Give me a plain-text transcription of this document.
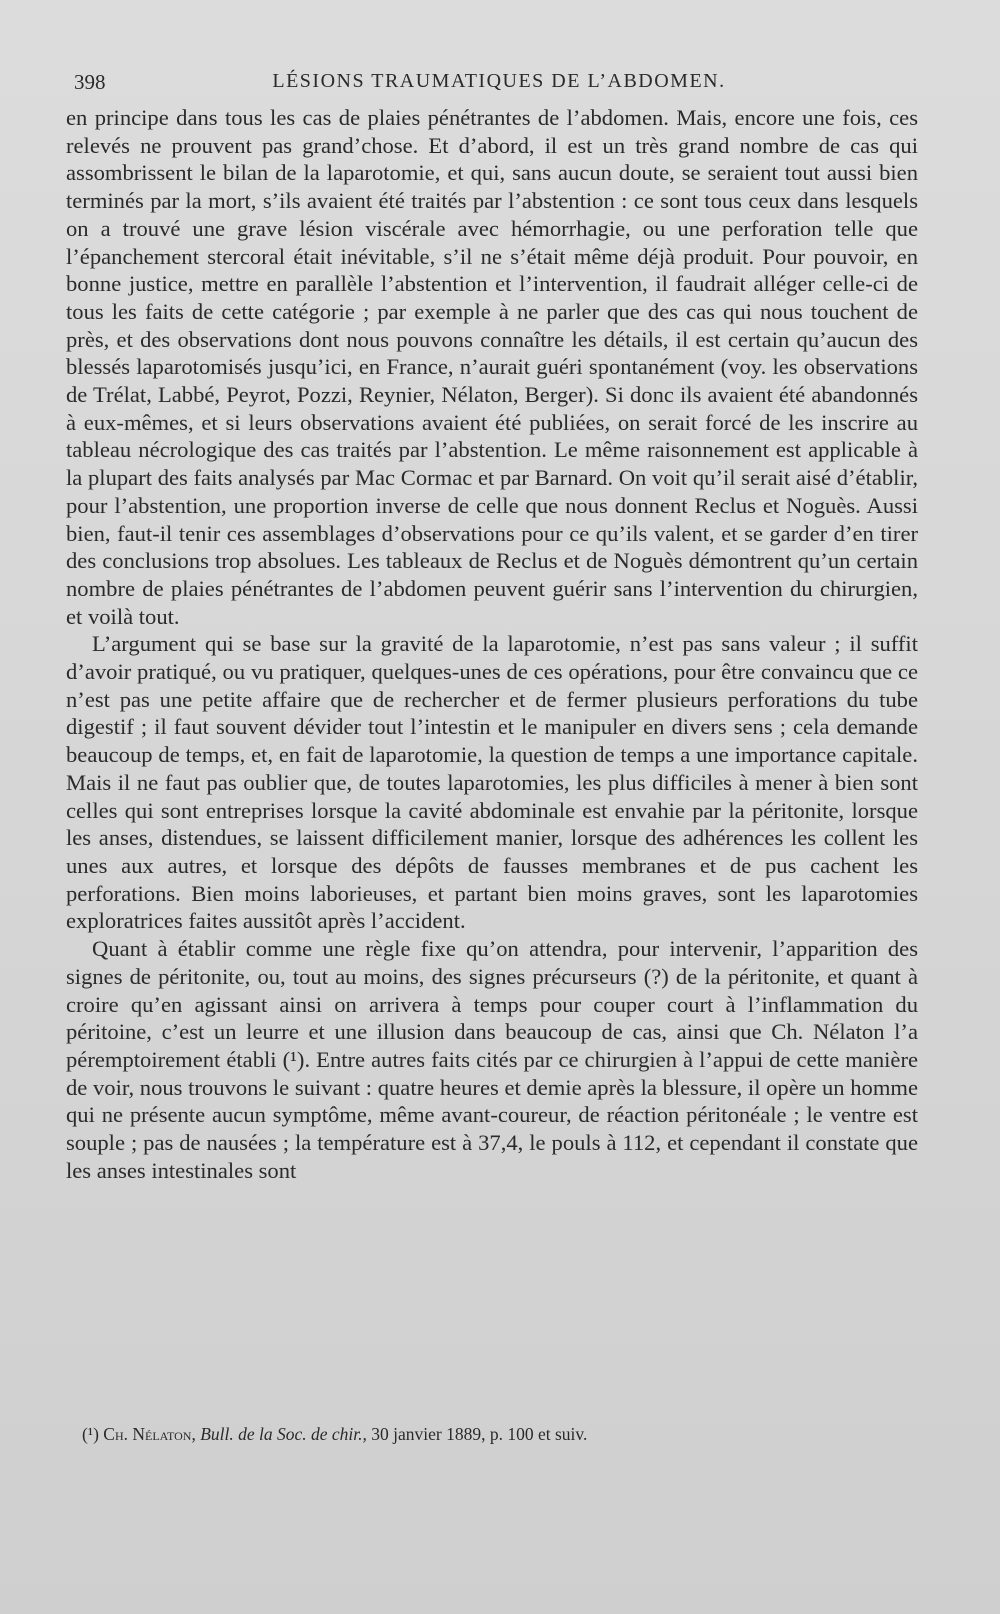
398	LÉSIONS TRAUMATIQUES DE L’ABDOMEN.

en principe dans tous les cas de plaies pénétrantes de l’abdomen. Mais, encore une fois, ces relevés ne prouvent pas grand’chose. Et d’abord, il est un très grand nombre de cas qui assombrissent le bilan de la laparotomie, et qui, sans aucun doute, se seraient tout aussi bien terminés par la mort, s’ils avaient été traités par l’abstention : ce sont tous ceux dans lesquels on a trouvé une grave lésion viscérale avec hémorrhagie, ou une perforation telle que l’épanchement stercoral était inévitable, s’il ne s’était même déjà produit. Pour pouvoir, en bonne justice, mettre en parallèle l’abstention et l’intervention, il faudrait alléger celle-ci de tous les faits de cette catégorie ; par exemple à ne parler que des cas qui nous touchent de près, et des observations dont nous pouvons connaître les détails, il est certain qu’aucun des blessés laparotomisés jusqu’ici, en France, n’aurait guéri spontanément (voy. les observations de Trélat, Labbé, Peyrot, Pozzi, Reynier, Nélaton, Berger). Si donc ils avaient été abandonnés à eux-mêmes, et si leurs observations avaient été publiées, on serait forcé de les inscrire au tableau nécrologique des cas traités par l’abstention. Le même raisonnement est applicable à la plupart des faits analysés par Mac Cormac et par Barnard. On voit qu’il serait aisé d’établir, pour l’abstention, une proportion inverse de celle que nous donnent Reclus et Noguès. Aussi bien, faut-il tenir ces assemblages d’observations pour ce qu’ils valent, et se garder d’en tirer des conclusions trop absolues. Les tableaux de Reclus et de Noguès démontrent qu’un certain nombre de plaies pénétrantes de l’abdomen peuvent guérir sans l’intervention du chirurgien, et voilà tout.

L’argument qui se base sur la gravité de la laparotomie, n’est pas sans valeur ; il suffit d’avoir pratiqué, ou vu pratiquer, quelques-unes de ces opérations, pour être convaincu que ce n’est pas une petite affaire que de rechercher et de fermer plusieurs perforations du tube digestif ; il faut souvent dévider tout l’intestin et le manipuler en divers sens ; cela demande beaucoup de temps, et, en fait de laparotomie, la question de temps a une importance capitale. Mais il ne faut pas oublier que, de toutes laparotomies, les plus difficiles à mener à bien sont celles qui sont entreprises lorsque la cavité abdominale est envahie par la péritonite, lorsque les anses, distendues, se laissent difficilement manier, lorsque des adhérences les collent les unes aux autres, et lorsque des dépôts de fausses membranes et de pus cachent les perforations. Bien moins laborieuses, et partant bien moins graves, sont les laparotomies exploratrices faites aussitôt après l’accident.

Quant à établir comme une règle fixe qu’on attendra, pour intervenir, l’apparition des signes de péritonite, ou, tout au moins, des signes précurseurs (?) de la péritonite, et quant à croire qu’en agissant ainsi on arrivera à temps pour couper court à l’inflammation du péritoine, c’est un leurre et une illusion dans beaucoup de cas, ainsi que Ch. Nélaton l’a péremptoirement établi (¹). Entre autres faits cités par ce chirurgien à l’appui de cette manière de voir, nous trouvons le suivant : quatre heures et demie après la blessure, il opère un homme qui ne présente aucun symptôme, même avant-coureur, de réaction péritonéale ; le ventre est souple ; pas de nausées ; la température est à 37,4, le pouls à 112, et cependant il constate que les anses intestinales sont

(¹) Ch. Nélaton, Bull. de la Soc. de chir., 30 janvier 1889, p. 100 et suiv.
